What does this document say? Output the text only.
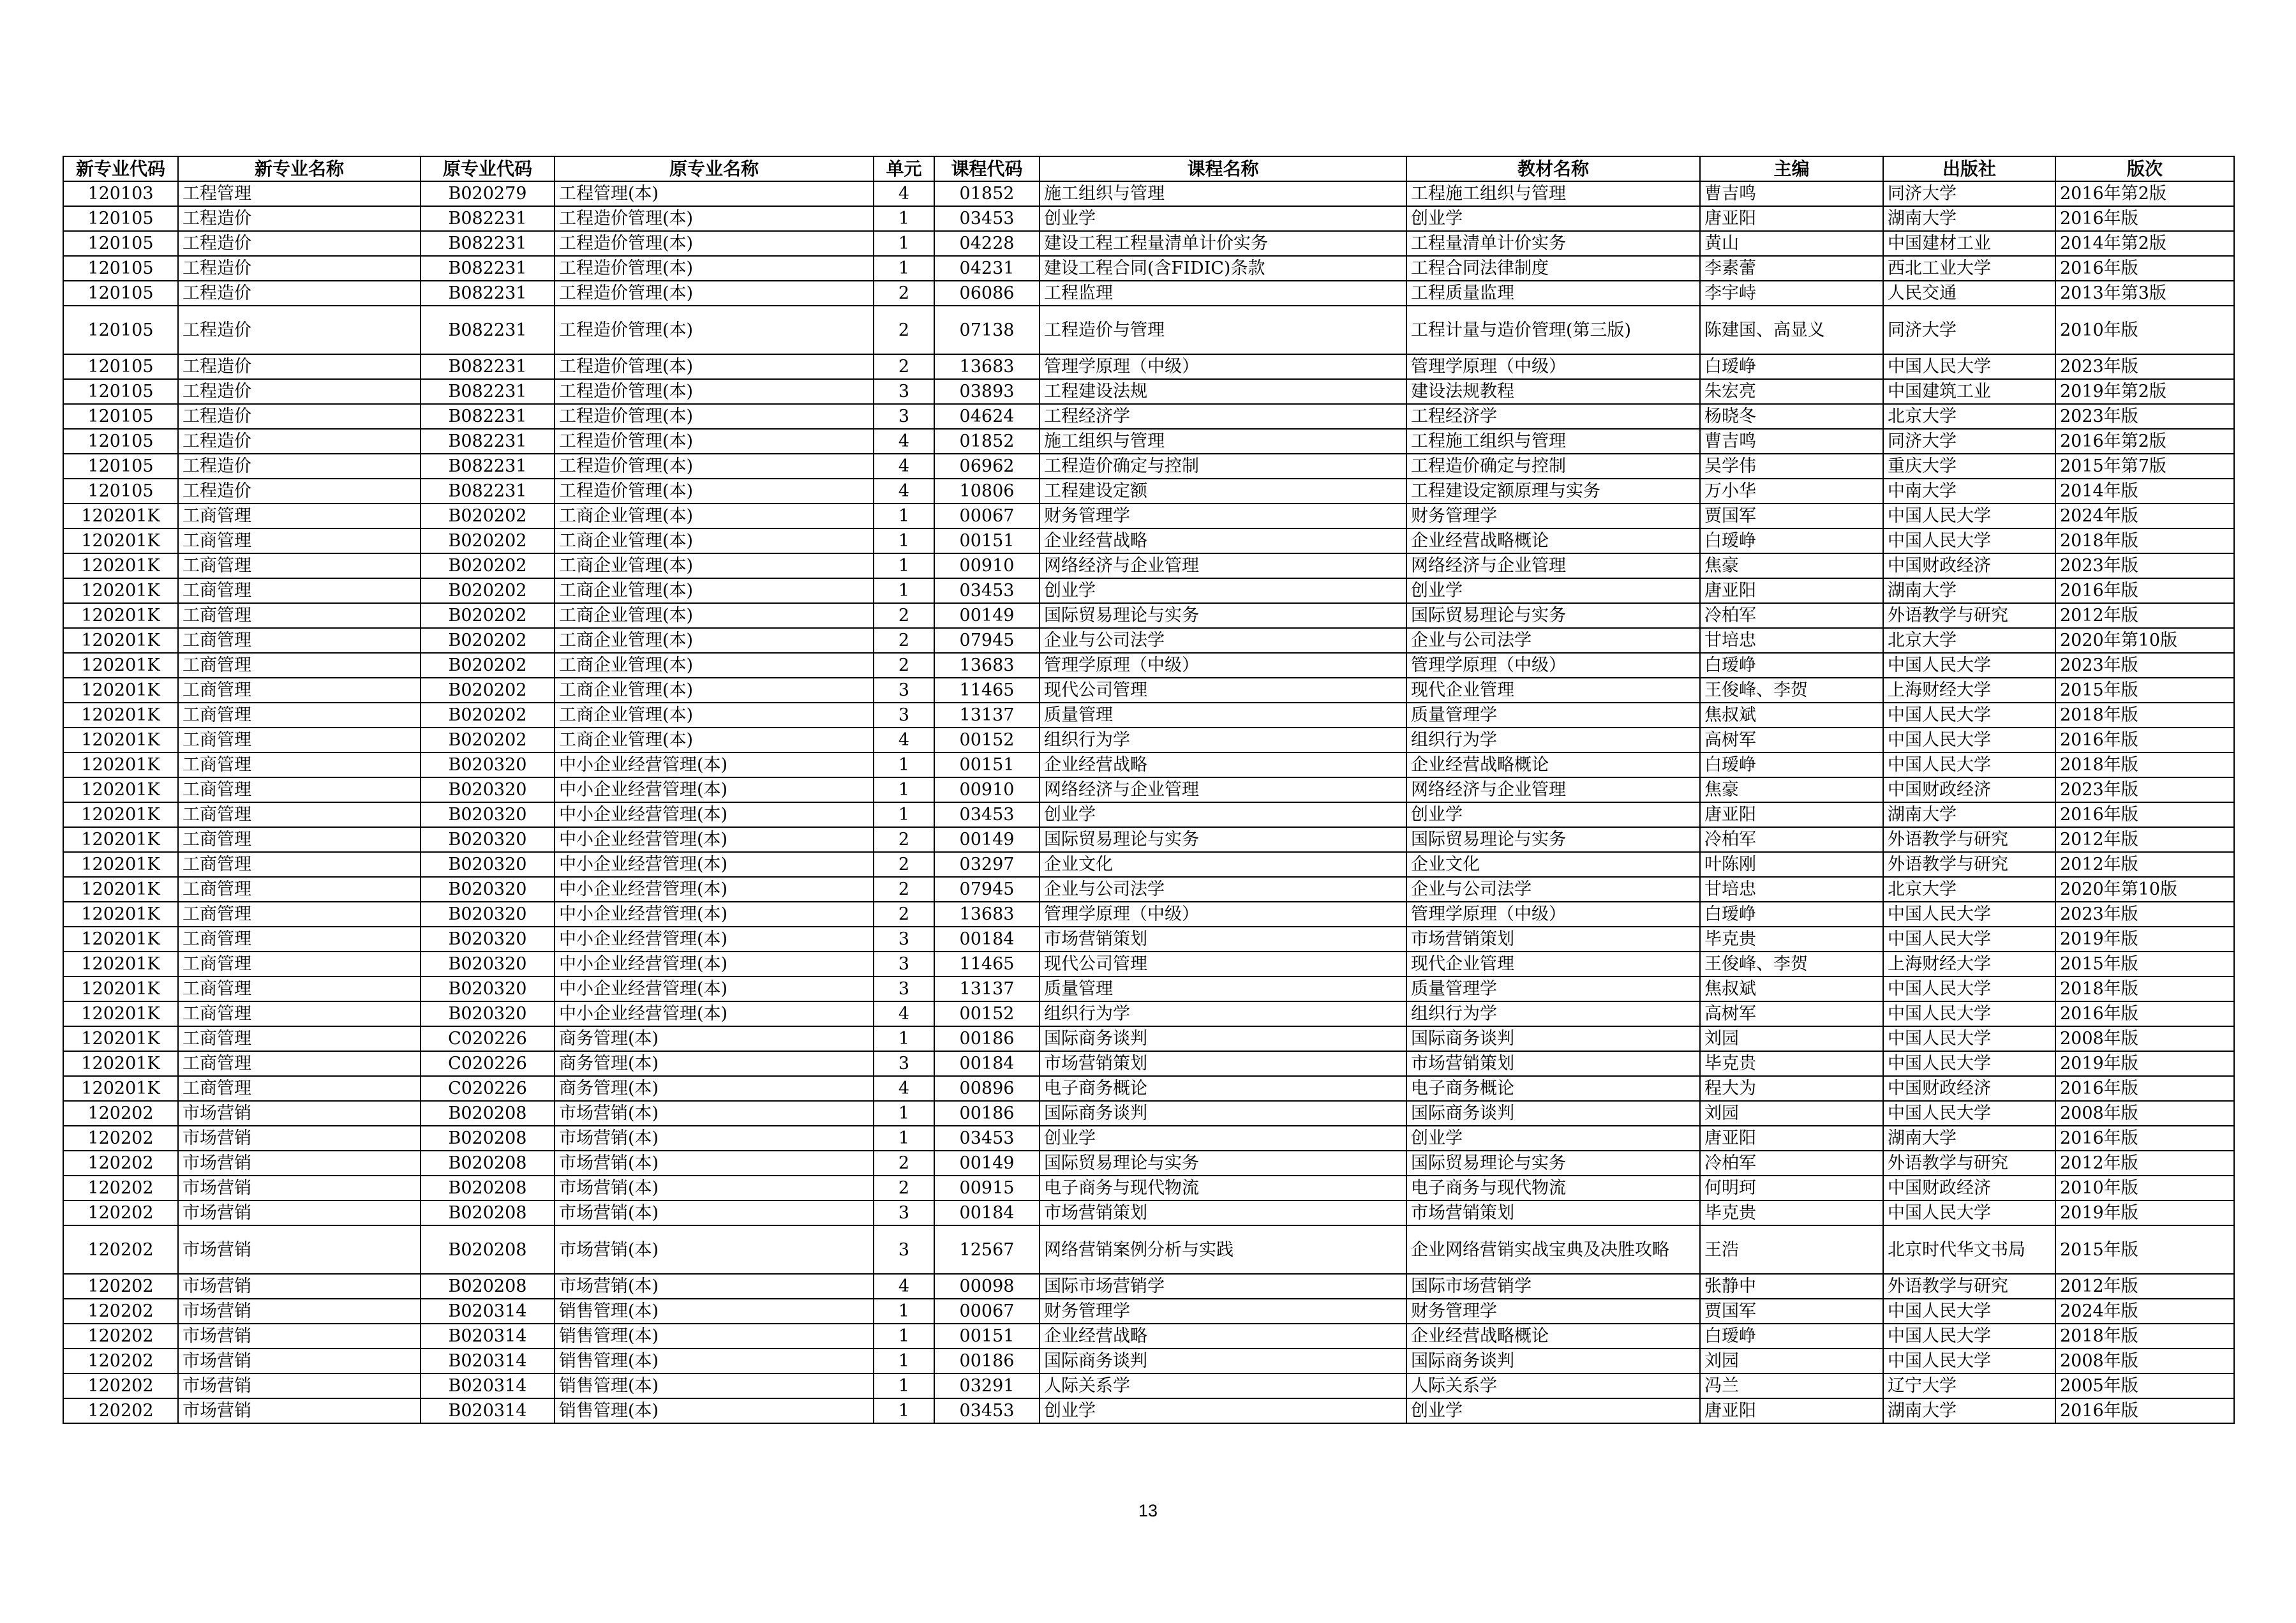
新专业代码	新专业名称	原专业代码	原专业名称	单元	课程代码	课程名称	教材名称	主编	出版社	版次
120103	工程管理	B020279	工程管理(本)	4	01852	施工组织与管理	工程施工组织与管理	曹吉鸣	同济大学	2016年第2版
120105	工程造价	B082231	工程造价管理(本)	1	03453	创业学	创业学	唐亚阳	湖南大学	2016年版
120105	工程造价	B082231	工程造价管理(本)	1	04228	建设工程工程量清单计价实务	工程量清单计价实务	黄山	中国建材工业	2014年第2版
120105	工程造价	B082231	工程造价管理(本)	1	04231	建设工程合同(含FIDIC)条款	工程合同法律制度	李素蕾	西北工业大学	2016年版
120105	工程造价	B082231	工程造价管理(本)	2	06086	工程监理	工程质量监理	李宇峙	人民交通	2013年第3版
120105	工程造价	B082231	工程造价管理(本)	2	07138	工程造价与管理	工程计量与造价管理(第三版)	陈建国、高显义	同济大学	2010年版
120105	工程造价	B082231	工程造价管理(本)	2	13683	管理学原理（中级）	管理学原理（中级）	白瑷峥	中国人民大学	2023年版
120105	工程造价	B082231	工程造价管理(本)	3	03893	工程建设法规	建设法规教程	朱宏亮	中国建筑工业	2019年第2版
120105	工程造价	B082231	工程造价管理(本)	3	04624	工程经济学	工程经济学	杨晓冬	北京大学	2023年版
120105	工程造价	B082231	工程造价管理(本)	4	01852	施工组织与管理	工程施工组织与管理	曹吉鸣	同济大学	2016年第2版
120105	工程造价	B082231	工程造价管理(本)	4	06962	工程造价确定与控制	工程造价确定与控制	吴学伟	重庆大学	2015年第7版
120105	工程造价	B082231	工程造价管理(本)	4	10806	工程建设定额	工程建设定额原理与实务	万小华	中南大学	2014年版
120201K	工商管理	B020202	工商企业管理(本)	1	00067	财务管理学	财务管理学	贾国军	中国人民大学	2024年版
120201K	工商管理	B020202	工商企业管理(本)	1	00151	企业经营战略	企业经营战略概论	白瑷峥	中国人民大学	2018年版
120201K	工商管理	B020202	工商企业管理(本)	1	00910	网络经济与企业管理	网络经济与企业管理	焦豪	中国财政经济	2023年版
120201K	工商管理	B020202	工商企业管理(本)	1	03453	创业学	创业学	唐亚阳	湖南大学	2016年版
120201K	工商管理	B020202	工商企业管理(本)	2	00149	国际贸易理论与实务	国际贸易理论与实务	冷柏军	外语教学与研究	2012年版
120201K	工商管理	B020202	工商企业管理(本)	2	07945	企业与公司法学	企业与公司法学	甘培忠	北京大学	2020年第10版
120201K	工商管理	B020202	工商企业管理(本)	2	13683	管理学原理（中级）	管理学原理（中级）	白瑷峥	中国人民大学	2023年版
120201K	工商管理	B020202	工商企业管理(本)	3	11465	现代公司管理	现代企业管理	王俊峰、李贺	上海财经大学	2015年版
120201K	工商管理	B020202	工商企业管理(本)	3	13137	质量管理	质量管理学	焦叔斌	中国人民大学	2018年版
120201K	工商管理	B020202	工商企业管理(本)	4	00152	组织行为学	组织行为学	高树军	中国人民大学	2016年版
120201K	工商管理	B020320	中小企业经营管理(本)	1	00151	企业经营战略	企业经营战略概论	白瑷峥	中国人民大学	2018年版
120201K	工商管理	B020320	中小企业经营管理(本)	1	00910	网络经济与企业管理	网络经济与企业管理	焦豪	中国财政经济	2023年版
120201K	工商管理	B020320	中小企业经营管理(本)	1	03453	创业学	创业学	唐亚阳	湖南大学	2016年版
120201K	工商管理	B020320	中小企业经营管理(本)	2	00149	国际贸易理论与实务	国际贸易理论与实务	冷柏军	外语教学与研究	2012年版
120201K	工商管理	B020320	中小企业经营管理(本)	2	03297	企业文化	企业文化	叶陈刚	外语教学与研究	2012年版
120201K	工商管理	B020320	中小企业经营管理(本)	2	07945	企业与公司法学	企业与公司法学	甘培忠	北京大学	2020年第10版
120201K	工商管理	B020320	中小企业经营管理(本)	2	13683	管理学原理（中级）	管理学原理（中级）	白瑷峥	中国人民大学	2023年版
120201K	工商管理	B020320	中小企业经营管理(本)	3	00184	市场营销策划	市场营销策划	毕克贵	中国人民大学	2019年版
120201K	工商管理	B020320	中小企业经营管理(本)	3	11465	现代公司管理	现代企业管理	王俊峰、李贺	上海财经大学	2015年版
120201K	工商管理	B020320	中小企业经营管理(本)	3	13137	质量管理	质量管理学	焦叔斌	中国人民大学	2018年版
120201K	工商管理	B020320	中小企业经营管理(本)	4	00152	组织行为学	组织行为学	高树军	中国人民大学	2016年版
120201K	工商管理	C020226	商务管理(本)	1	00186	国际商务谈判	国际商务谈判	刘园	中国人民大学	2008年版
120201K	工商管理	C020226	商务管理(本)	3	00184	市场营销策划	市场营销策划	毕克贵	中国人民大学	2019年版
120201K	工商管理	C020226	商务管理(本)	4	00896	电子商务概论	电子商务概论	程大为	中国财政经济	2016年版
120202	市场营销	B020208	市场营销(本)	1	00186	国际商务谈判	国际商务谈判	刘园	中国人民大学	2008年版
120202	市场营销	B020208	市场营销(本)	1	03453	创业学	创业学	唐亚阳	湖南大学	2016年版
120202	市场营销	B020208	市场营销(本)	2	00149	国际贸易理论与实务	国际贸易理论与实务	冷柏军	外语教学与研究	2012年版
120202	市场营销	B020208	市场营销(本)	2	00915	电子商务与现代物流	电子商务与现代物流	何明珂	中国财政经济	2010年版
120202	市场营销	B020208	市场营销(本)	3	00184	市场营销策划	市场营销策划	毕克贵	中国人民大学	2019年版
120202	市场营销	B020208	市场营销(本)	3	12567	网络营销案例分析与实践	企业网络营销实战宝典及决胜攻略	王浩	北京时代华文书局	2015年版
120202	市场营销	B020208	市场营销(本)	4	00098	国际市场营销学	国际市场营销学	张静中	外语教学与研究	2012年版
120202	市场营销	B020314	销售管理(本)	1	00067	财务管理学	财务管理学	贾国军	中国人民大学	2024年版
120202	市场营销	B020314	销售管理(本)	1	00151	企业经营战略	企业经营战略概论	白瑷峥	中国人民大学	2018年版
120202	市场营销	B020314	销售管理(本)	1	00186	国际商务谈判	国际商务谈判	刘园	中国人民大学	2008年版
120202	市场营销	B020314	销售管理(本)	1	03291	人际关系学	人际关系学	冯兰	辽宁大学	2005年版
120202	市场营销	B020314	销售管理(本)	1	03453	创业学	创业学	唐亚阳	湖南大学	2016年版
13
